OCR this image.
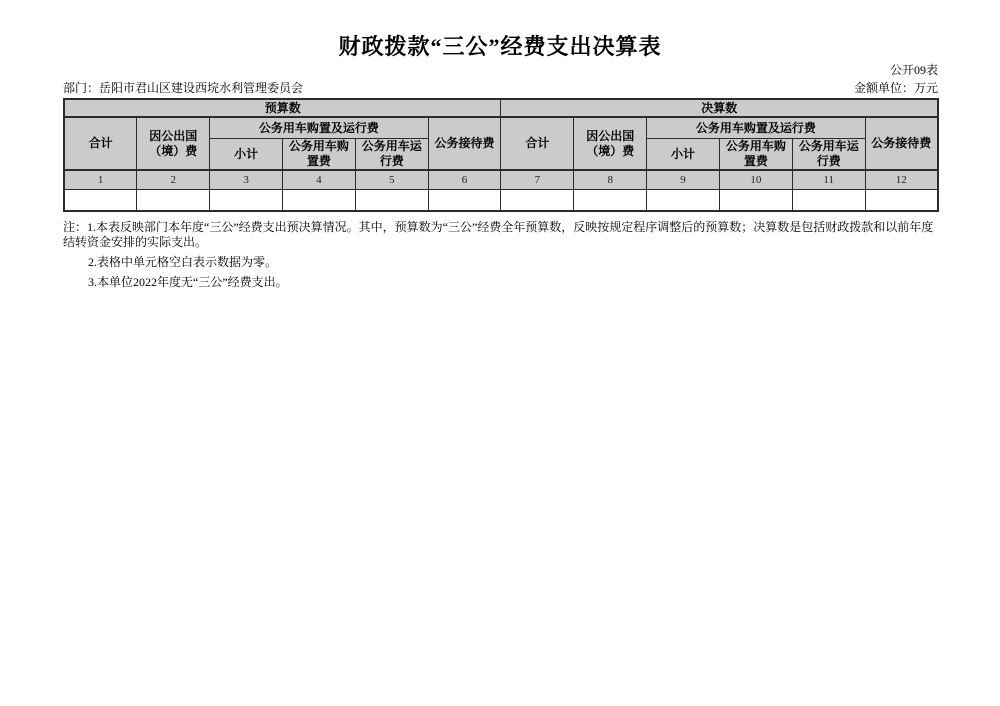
财政拨款“三公”经费支出决算表
公开09表
部门：岳阳市君山区建设西垸水利管理委员会	金额单位：万元
预算数						决算数					
合计	因公出国（境）费	公务用车购置及运行费			公务接待费	合计	因公出国（境）费	公务用车购置及运行费			公务接待费
		小计	公务用车购置费	公务用车运行费				小计	公务用车购置费	公务用车运行费	
1	2	3	4	5	6	7	8	9	10	11	12

注：1.本表反映部门本年度“三公”经费支出预决算情况。其中，预算数为“三公”经费全年预算数，反映按规定程序调整后的预算数；决算数是包括财政拨款和以前年度结转资金安排的实际支出。

2.表格中单元格空白表示数据为零。

3.本单位2022年度无“三公”经费支出。
